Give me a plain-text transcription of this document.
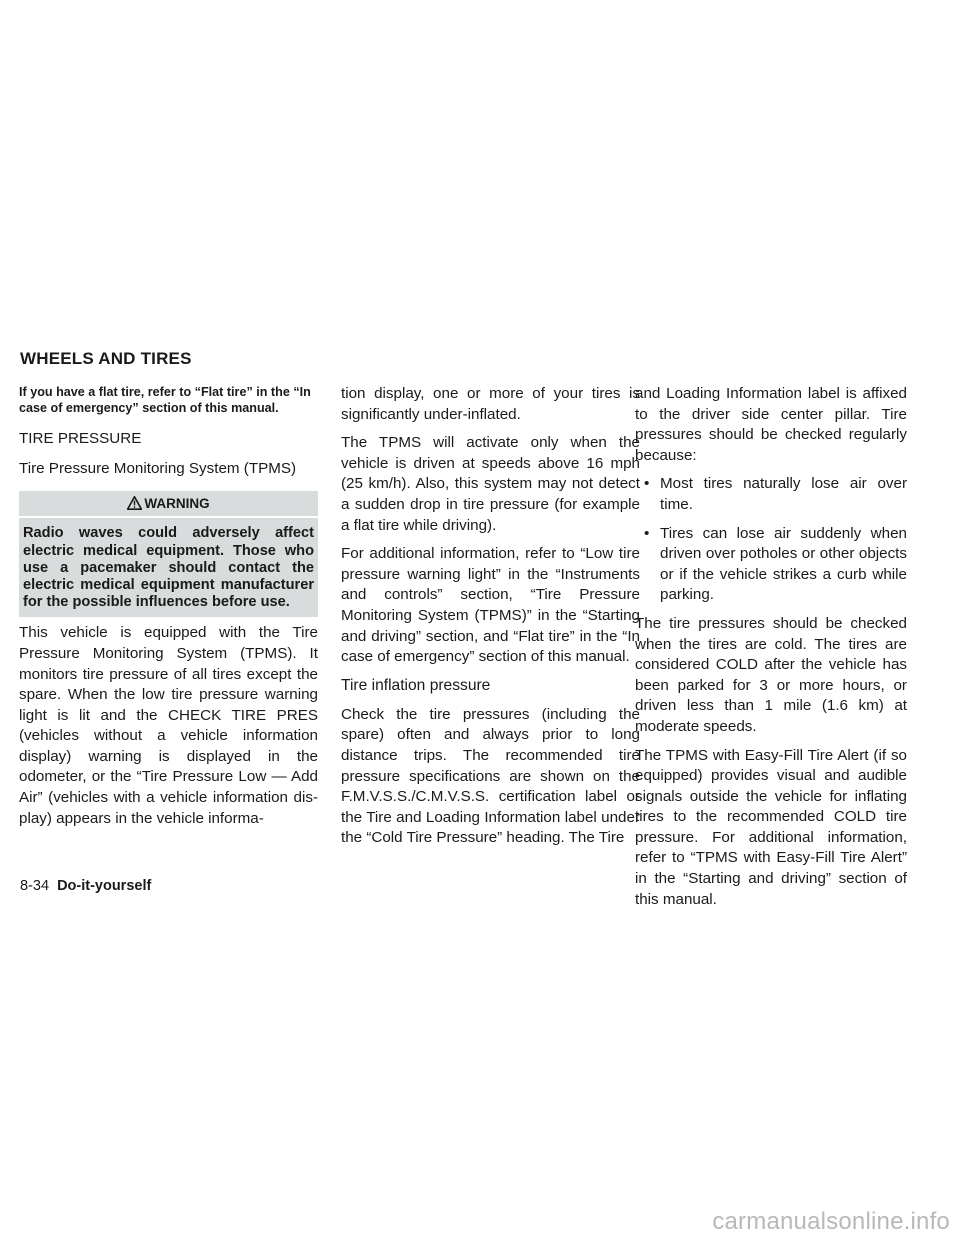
WHEELS AND TIRES

If you have a flat tire, refer to “Flat tire” in the “In case of emergency” section of this manual.

TIRE PRESSURE
Tire Pressure Monitoring System (TPMS)
WARNING
Radio waves could adversely affect electric medical equipment. Those who use a pacemaker should contact the electric medical equipment manufacturer for the possible influences before use.

This vehicle is equipped with the Tire Pressure Monitoring System (TPMS). It monitors tire pressure of all tires except the spare. When the low tire pressure warning light is lit and the CHECK TIRE PRES (vehicles without a vehicle information display) warning is displayed in the odometer, or the “Tire Pressure Low — Add Air” (vehicles with a vehicle information display) appears in the vehicle informa-

tion display, one or more of your tires is significantly under-inflated.

The TPMS will activate only when the vehicle is driven at speeds above 16 mph (25 km/h). Also, this system may not detect a sudden drop in tire pressure (for example a flat tire while driving).

For additional information, refer to “Low tire pressure warning light” in the “Instruments and controls” section, “Tire Pressure Monitoring System (TPMS)” in the “Starting and driving” section, and “Flat tire” in the “In case of emergency” section of this manual.

Tire inflation pressure

Check the tire pressures (including the spare) often and always prior to long distance trips. The recommended tire pressure specifications are shown on the F.M.V.S.S./C.M.V.S.S. certification label or the Tire and Loading Information label under the “Cold Tire Pressure” heading. The Tire

and Loading Information label is affixed to the driver side center pillar. Tire pressures should be checked regularly because:

• Most tires naturally lose air over time.
• Tires can lose air suddenly when driven over potholes or other objects or if the vehicle strikes a curb while parking.

The tire pressures should be checked when the tires are cold. The tires are considered COLD after the vehicle has been parked for 3 or more hours, or driven less than 1 mile (1.6 km) at moderate speeds.

The TPMS with Easy-Fill Tire Alert (if so equipped) provides visual and audible signals outside the vehicle for inflating tires to the recommended COLD tire pressure. For additional information, refer to “TPMS with Easy-Fill Tire Alert” in the “Starting and driving” section of this manual.

8-34 Do-it-yourself
carmanualsonline.info
